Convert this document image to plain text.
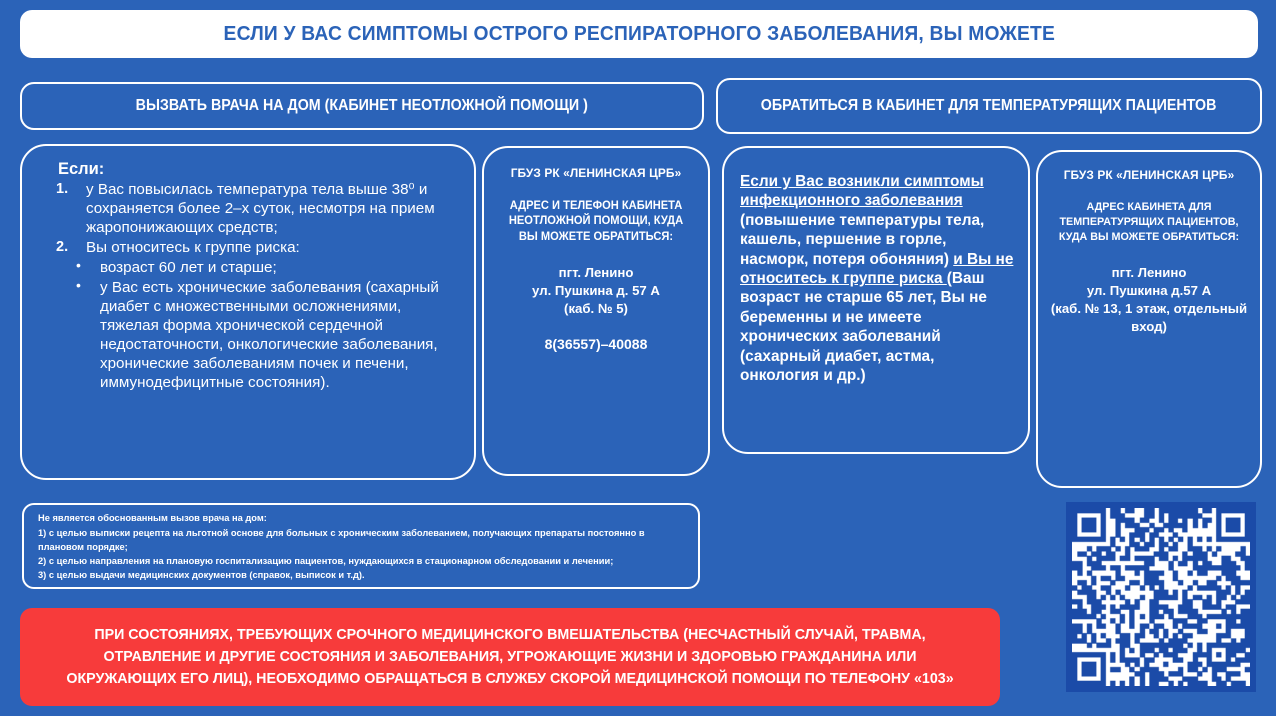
ЕСЛИ У ВАС СИМПТОМЫ ОСТРОГО РЕСПИРАТОРНОГО ЗАБОЛЕВАНИЯ, ВЫ МОЖЕТЕ
ВЫЗВАТЬ ВРАЧА НА ДОМ (КАБИНЕТ НЕОТЛОЖНОЙ ПОМОЩИ )	ОБРАТИТЬСЯ В КАБИНЕТ ДЛЯ ТЕМПЕРАТУРЯЩИХ ПАЦИЕНТОВ
Если:
у Вас повысилась температура тела выше 38⁰ и сохраняется более 2–х суток, несмотря на прием жаропонижающих средств;
Вы относитесь к группе риска:
• возраст 60 лет и старше;
• у Вас есть хронические заболевания (сахарный диабет с множественными осложнениями, тяжелая форма хронической сердечной недостаточности, онкологические заболевания, хронические заболеваниям почек и печени, иммунодефицитные состояния).
ГБУЗ РК «ЛЕНИНСКАЯ ЦРБ»
АДРЕС И ТЕЛЕФОН КАБИНЕТА НЕОТЛОЖНОЙ ПОМОЩИ, КУДА ВЫ МОЖЕТЕ ОБРАТИТЬСЯ:
пгт. Ленино
ул. Пушкина д. 57 А
(каб. № 5)
8(36557)–40088
Если у Вас возникли симптомы инфекционного заболевания (повышение температуры тела, кашель, першение в горле, насморк, потеря обоняния) и Вы не относитесь к группе риска (Ваш возраст не старше 65 лет, Вы не беременны и не имеете хронических заболеваний (сахарный диабет, астма, онкология и др.)
ГБУЗ РК «ЛЕНИНСКАЯ ЦРБ»
АДРЕС КАБИНЕТА ДЛЯ ТЕМПЕРАТУРЯЩИХ ПАЦИЕНТОВ, КУДА ВЫ МОЖЕТЕ ОБРАТИТЬСЯ:
пгт. Ленино
ул. Пушкина д.57 А
(каб. № 13, 1 этаж, отдельный вход)
Не является обоснованным вызов врача на дом:
1) с целью выписки рецепта на льготной основе для больных с хроническим заболеванием, получающих препараты постоянно в плановом порядке;
2) с целью направления на плановую госпитализацию пациентов, нуждающихся в стационарном обследовании и лечении;
3) с целью выдачи медицинских документов (справок, выписок и т.д).
ПРИ СОСТОЯНИЯХ, ТРЕБУЮЩИХ СРОЧНОГО МЕДИЦИНСКОГО ВМЕШАТЕЛЬСТВА (НЕСЧАСТНЫЙ СЛУЧАЙ, ТРАВМА, ОТРАВЛЕНИЕ И ДРУГИЕ СОСТОЯНИЯ И ЗАБОЛЕВАНИЯ, УГРОЖАЮЩИЕ ЖИЗНИ И ЗДОРОВЬЮ ГРАЖДАНИНА ИЛИ ОКРУЖАЮЩИХ ЕГО ЛИЦ), НЕОБХОДИМО ОБРАЩАТЬСЯ В СЛУЖБУ СКОРОЙ МЕДИЦИНСКОЙ ПОМОЩИ ПО ТЕЛЕФОНУ «103»
